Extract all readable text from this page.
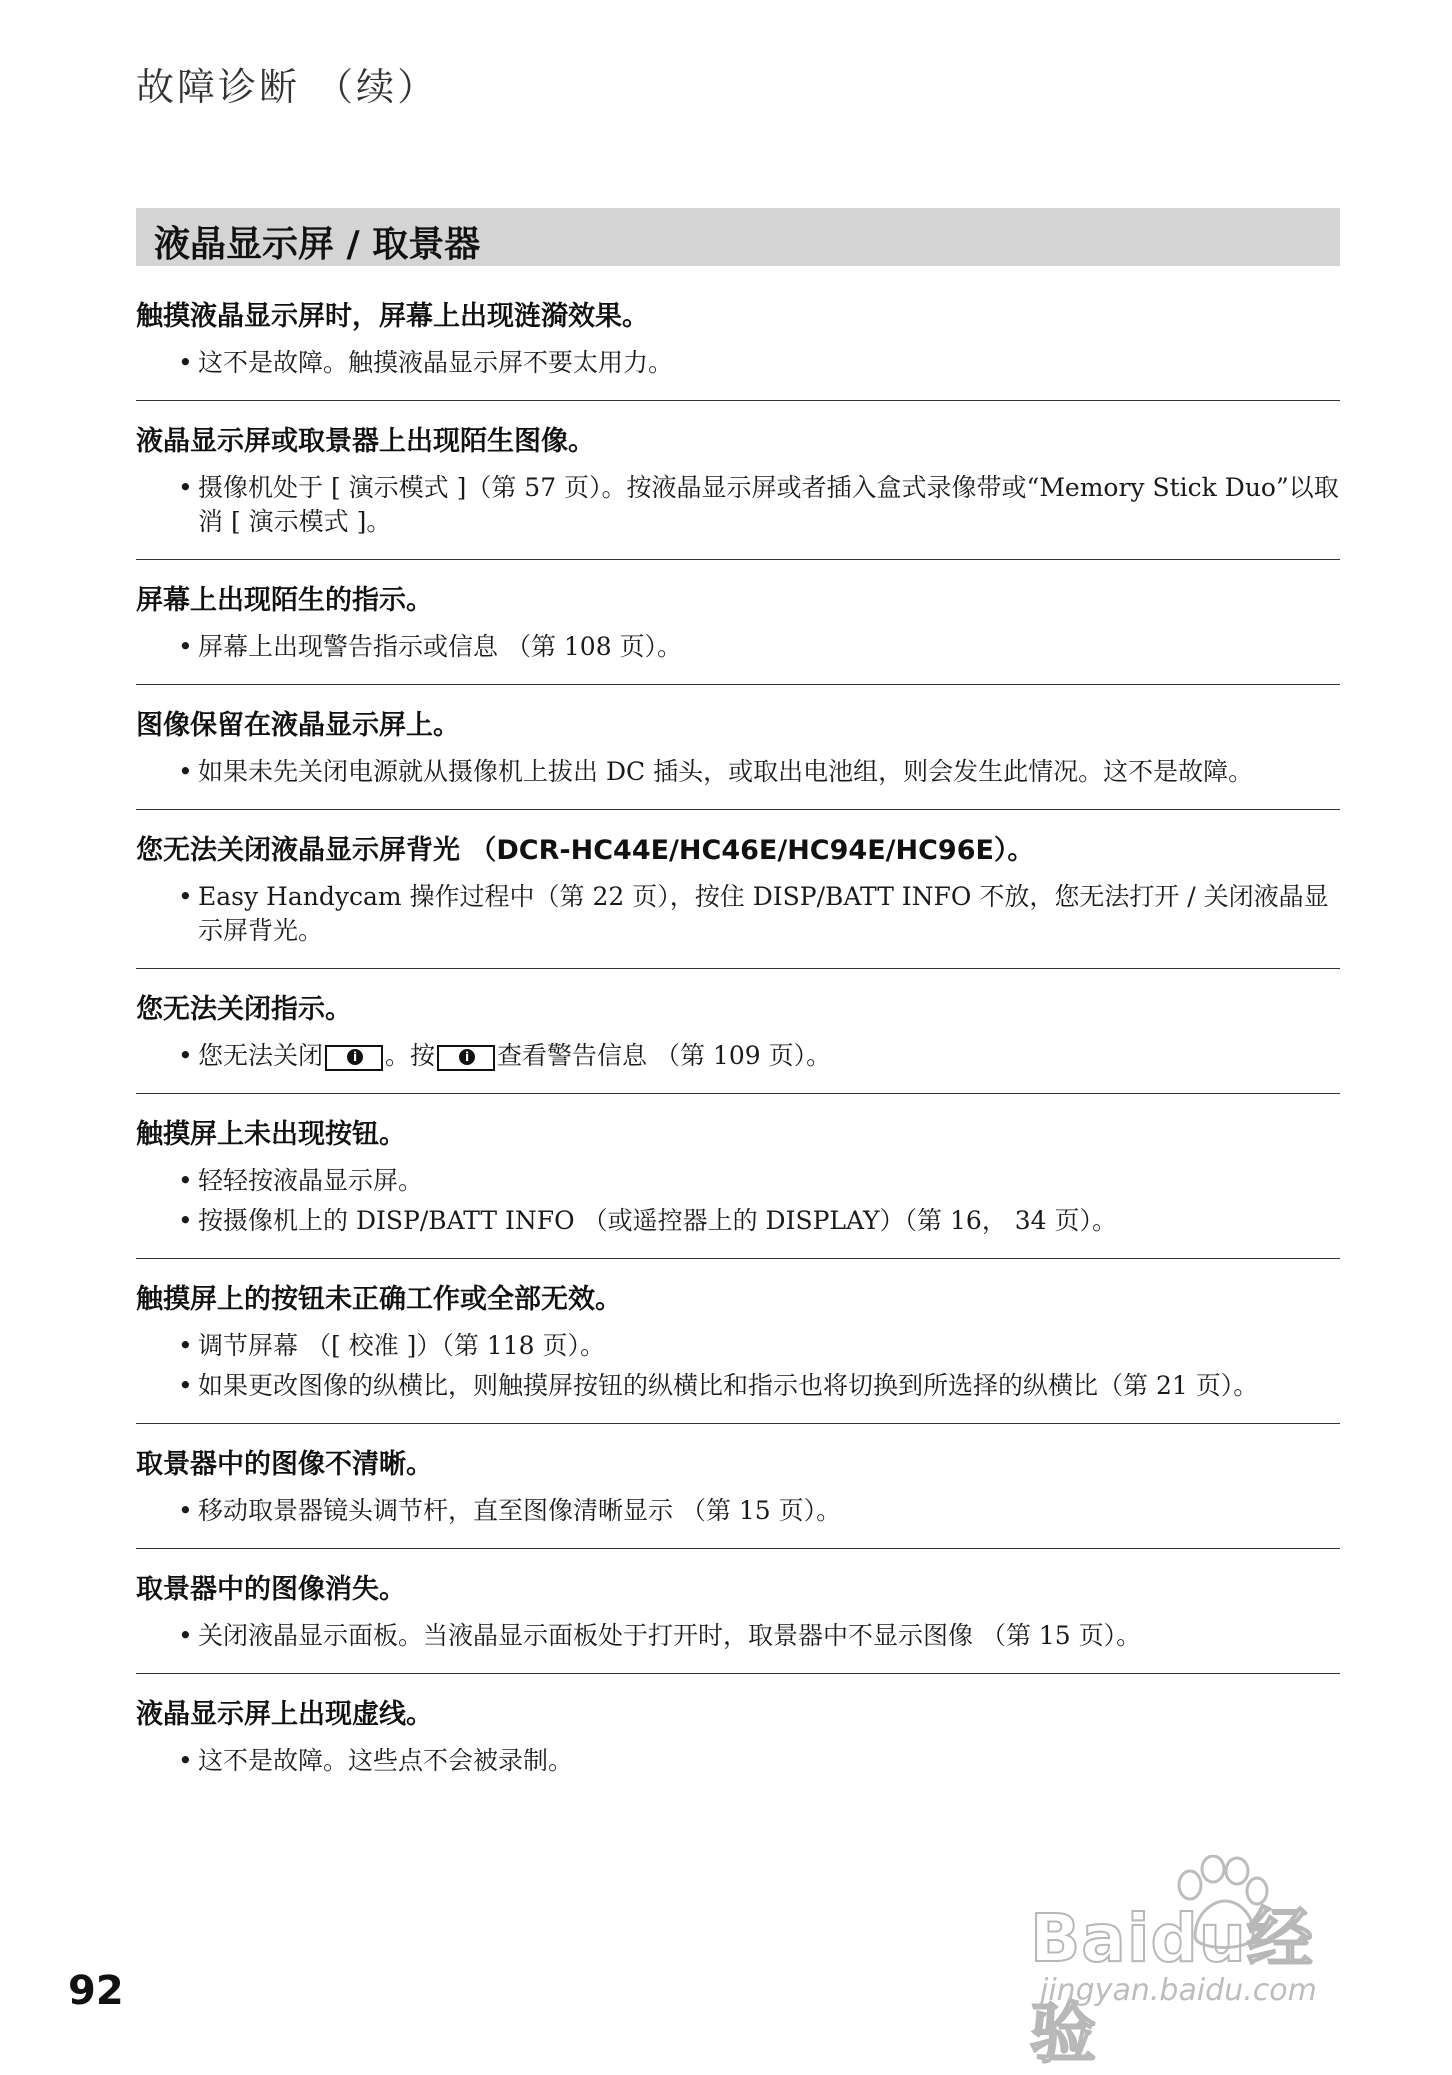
故障诊断 （续）
液晶显示屏 / 取景器
触摸液晶显示屏时，屏幕上出现涟漪效果。
• 这不是故障。触摸液晶显示屏不要太用力。
液晶显示屏或取景器上出现陌生图像。
• 摄像机处于 [ 演示模式 ]（第 57 页）。按液晶显示屏或者插入盒式录像带或“Memory Stick Duo”以取消 [ 演示模式 ]。
屏幕上出现陌生的指示。
• 屏幕上出现警告指示或信息 （第 108 页）。
图像保留在液晶显示屏上。
• 如果未先关闭电源就从摄像机上拔出 DC 插头，或取出电池组，则会发生此情况。这不是故障。
您无法关闭液晶显示屏背光 （DCR-HC44E/HC46E/HC94E/HC96E）。
• Easy Handycam 操作过程中（第 22 页），按住 DISP/BATT INFO 不放，您无法打开 / 关闭液晶显示屏背光。
您无法关闭指示。
• 您无法关闭	i 。按	i 查看警告信息 （第 109 页）。
触摸屏上未出现按钮。
• 轻轻按液晶显示屏。
• 按摄像机上的 DISP/BATT INFO （或遥控器上的 DISPLAY）（第 16， 34 页）。
触摸屏上的按钮未正确工作或全部无效。
• 调节屏幕 （[ 校准 ]）（第 118 页）。
• 如果更改图像的纵横比，则触摸屏按钮的纵横比和指示也将切换到所选择的纵横比（第 21 页）。
取景器中的图像不清晰。
• 移动取景器镜头调节杆，直至图像清晰显示 （第 15 页）。
取景器中的图像消失。
• 关闭液晶显示面板。当液晶显示面板处于打开时，取景器中不显示图像 （第 15 页）。
液晶显示屏上出现虚线。
• 这不是故障。这些点不会被录制。
92
Baidu经验
jingyan.baidu.com
